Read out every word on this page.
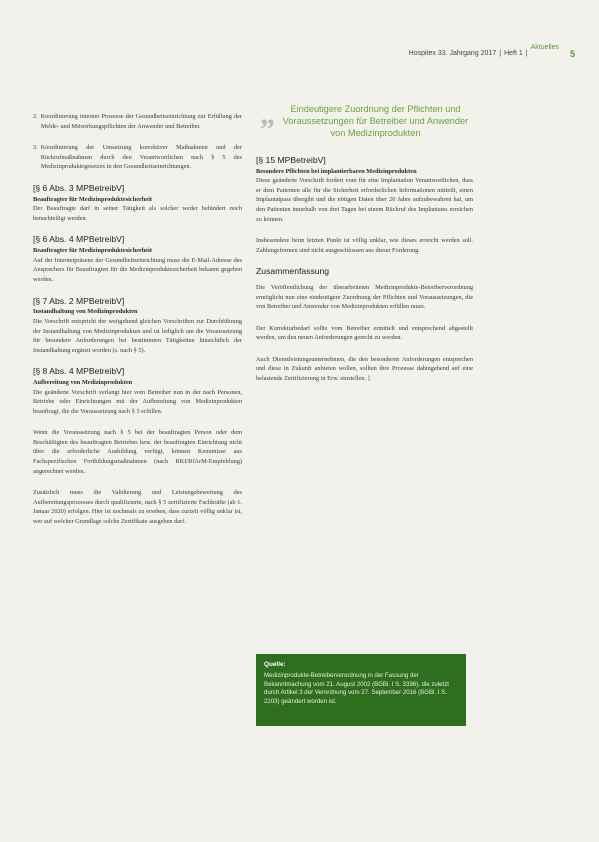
Hospitex 33. Jahrgang 2017 | Heft 1 |
Aktuelles
5
2. Koordinierung interner Prozesse der Gesundheitseinrichtung zur Erfüllung der Melde- und Mitwirkungspflichten der Anwender und Betreiber.
3. Koordinierung der Umsetzung korrektiver Maßnahmen und der Rückrufmaßnahmen durch den Verantwortlichen nach § 5 des Medizinproduktegesetzes in den Gesundheitseinrichtungen.
[§ 6 Abs. 3 MPBetreibV]
Beauftragter für Medizinproduktesicherheit
Der Beauftragte darf in seiner Tätigkeit als solcher weder behindert noch benachteiligt werden.
[§ 6 Abs. 4 MPBetreibV]
Beauftragter für Medizinproduktesicherheit
Auf der Internetpräsenz der Gesundheitseinrichtung muss die E-Mail-Adresse des Ansprechers für Beauftragten für die Medizinproduktesicherheit bekannt gegeben werden.
[§ 7 Abs. 2 MPBetreibV]
Instandhaltung von Medizinprodukten
Die Vorschrift entspricht der weitgehend gleichen Vorschriften zur Durchführung der Instandhaltung von Medizinprodukten und ist lediglich um die Voraussetzung für besondere Anforderungen bei bestimmten Tätigkeiten hinsichtlich der Instandhaltung ergänzt worden (s. nach § 5).
[§ 8 Abs. 4 MPBetreibV]
Aufbereitung von Medizinprodukten
Die geänderte Vorschrift verlangt hier vom Betreiber nun in der nach Personen, Betriebe oder Einrichtungen mit der Aufbereitung von Medizinprodukten beauftragt, die die Voraussetzung nach § 5 erfüllen.
Wenn die Voraussetzung nach § 5 bei der beauftragten Person oder dem Beschäftigten des beauftragten Betriebes bzw. der beauftragten Einrichtung nicht über die erforderliche Ausbildung verfügt, können Kenntnisse aus Fachspezifischen Fortbildungsmaßnahmen (nach RKI/BfArM-Empfehlung) angerechnet werden.
Zusätzlich muss die Validierung und Leistungsbewertung des Aufbereitungsprozesses durch qualifizierte, nach § 5 zertifizierte Fachkräfte (ab 1. Januar 2020) erfolgen. Hier ist nochmals zu ersehen, dass zurzeit völlig unklar ist, wer auf welcher Grundlage solche Zertifikate ausgeben darf.
„ Eindeutigere Zuordnung der Pflichten und Voraussetzungen für Betreiber und Anwender von Medizinprodukten
[§ 15 MPBetreibV]
Besondere Pflichten bei implantierbaren Medizinprodukten
Diese geänderte Vorschrift fordert vom für eine Implantation Verantwortlichen, dass er dem Patienten alle für die Sicherheit erforderlichen Informationen mitteilt, einen Implantatpass übergibt und die nötigen Daten über 20 Jahre aufzubewahren hat, um den Patienten innerhalb von drei Tagen bei einem Rückruf des Implantates erreichen zu können.
Insbesondere beim letzten Punkt ist völlig unklar, wie dieses erreicht werden soll. Zahlungsformen sind nicht ausgeschlossen aus dieser Forderung.
Zusammenfassung
Die Veröffentlichung der überarbeiteten Medizinprodukte-Betreiberverordnung ermöglicht nun eine eindeutigere Zuordnung der Pflichten und Voraussetzungen, die von Betreiber und Anwender von Medizinprodukten erfüllen muss.
Der Korrekturbedarf sollte vom Betreiber ermittelt und entsprechend abgestellt werden, um den neuen Anforderungen gerecht zu werden.
Auch Dienstleistungsunternehmen, die den besonderen Anforderungen entsprechen und diese in Zukunft anbieten wollen, sollten ihre Prozesse dahingehend auf eine belastende Zertifizierung in Erw. einstellen. ]
Quelle:
Medizinprodukte-Betreiberverordnung in der Fassung der Bekanntmachung vom 21. August 2002 (BGBl. I S. 3396), die zuletzt durch Artikel 3 der Verordnung vom 27. September 2016 (BGBl. I S. 2203) geändert worden ist.
